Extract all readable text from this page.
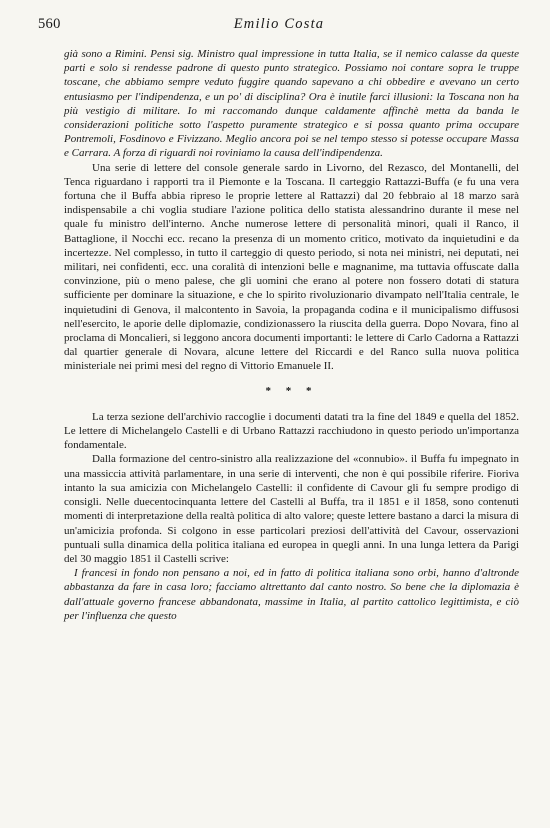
560	Emilio Costa

già sono a Rimini. Pensi sig. Ministro qual impressione in tutta Italia, se il nemico calasse da queste parti e solo si rendesse padrone di questo punto strategico. Possiamo noi contare sopra le truppe toscane, che abbiamo sempre veduto fuggire quando sapevano a chi obbedire e avevano un certo entusiasmo per l'indipendenza, e un po' di disciplina? Ora è inutile farci illusioni: la Toscana non ha più vestigio di militare. Io mi raccomando dunque caldamente affinchè metta da banda le considerazioni politiche sotto l'aspetto puramente strategico e si possa quanto prima occupare Pontremoli, Fosdinovo e Fivizzano. Meglio ancora poi se nel tempo stesso si potesse occupare Massa e Carrara. A forza di riguardi noi roviniamo la causa dell'indipendenza.

Una serie di lettere del console generale sardo in Livorno, del Rezasco, del Montanelli, del Tenca riguardano i rapporti tra il Piemonte e la Toscana. Il carteggio Rattazzi-Buffa (e fu una vera fortuna che il Buffa abbia ripreso le proprie lettere al Rattazzi) dal 20 febbraio al 18 marzo sarà indispensabile a chi voglia studiare l'azione politica dello statista alessandrino durante il mese nel quale fu ministro dell'interno. Anche numerose lettere di personalità minori, quali il Ranco, il Battaglione, il Nocchi ecc. recano la presenza di un momento critico, motivato da inquietudini e da incertezze. Nel complesso, in tutto il carteggio di questo periodo, si nota nei ministri, nei deputati, nei militari, nei confidenti, ecc. una coralità di intenzioni belle e magnanime, ma tuttavia offuscate dalla convinzione, più o meno palese, che gli uomini che erano al potere non fossero dotati di statura sufficiente per dominare la situazione, e che lo spirito rivoluzionario divampato nell'Italia centrale, le inquietudini di Genova, il malcontento in Savoia, la propaganda codina e il municipalismo diffusosi nell'esercito, le aporie delle diplomazie, condizionassero la riuscita della guerra. Dopo Novara, fino al proclama di Moncalieri, si leggono ancora documenti importanti: le lettere di Carlo Cadorna a Rattazzi dal quartier generale di Novara, alcune lettere del Riccardi e del Ranco sulla nuova politica ministeriale nei primi mesi del regno di Vittorio Emanuele II.

* * *

La terza sezione dell'archivio raccoglie i documenti datati tra la fine del 1849 e quella del 1852. Le lettere di Michelangelo Castelli e di Urbano Rattazzi racchiudono in questo periodo un'importanza fondamentale.

Dalla formazione del centro-sinistro alla realizzazione del «connubio». il Buffa fu impegnato in una massiccia attività parlamentare, in una serie di interventi, che non è qui possibile riferire. Fioriva intanto la sua amicizia con Michelangelo Castelli: il confidente di Cavour gli fu sempre prodigo di consigli. Nelle duecentocinquanta lettere del Castelli al Buffa, tra il 1851 e il 1858, sono contenuti momenti di interpretazione della realtà politica di alto valore; queste lettere bastano a darci la misura di un'amicizia profonda. Si colgono in esse particolari preziosi dell'attività del Cavour, osservazioni puntuali sulla dinamica della politica italiana ed europea in quegli anni. In una lunga lettera da Parigi del 30 maggio 1851 il Castelli scrive:

I francesi in fondo non pensano a noi, ed in fatto di politica italiana sono orbi, hanno d'altronde abbastanza da fare in casa loro; facciamo altrettanto dal canto nostro. So bene che la diplomazia è dall'attuale governo francese abbandonata, massime in Italia, al partito cattolico legittimista, e ciò per l'influenza che questo
